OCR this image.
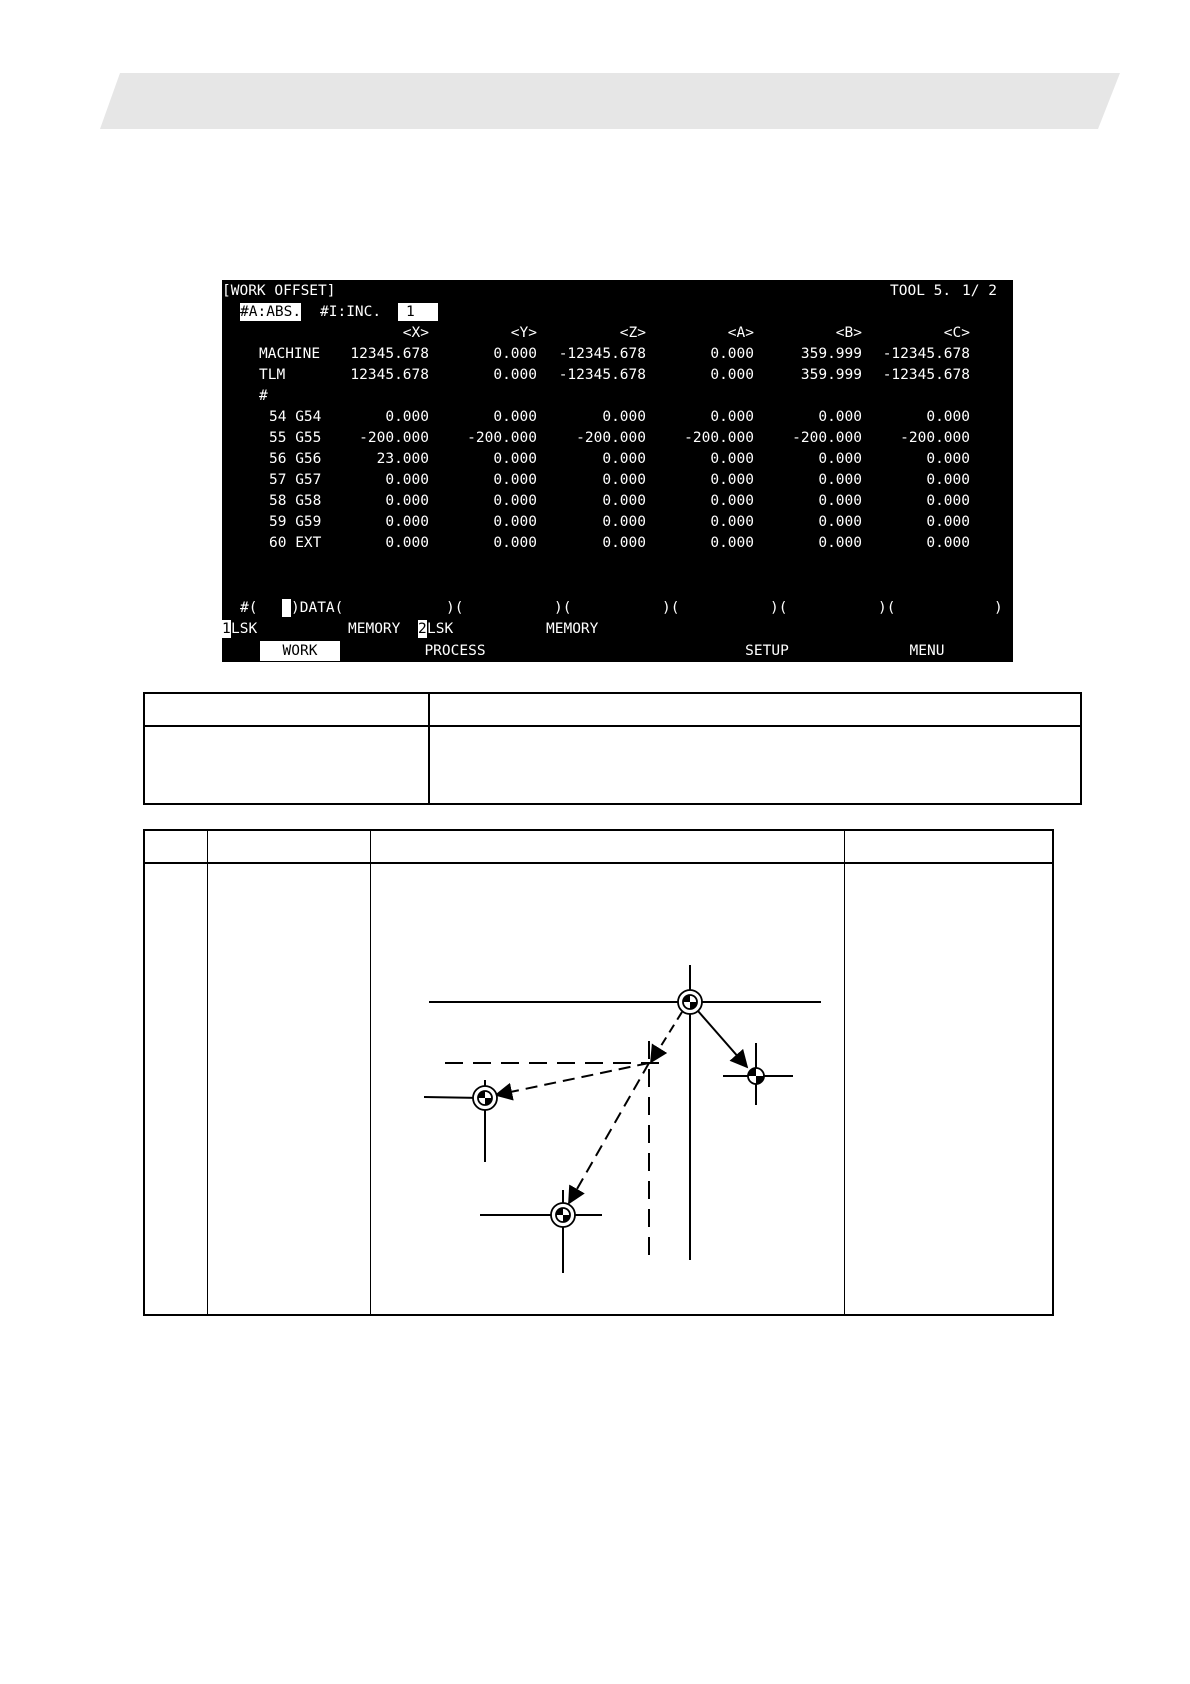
[WORK OFFSET]	TOOL 5. 1/ 2
#A:ABS. #I:INC.	1
<X>	<Y>	<Z>	<A>	<B>	<C>
MACHINE	12345.678	0.000	-12345.678	0.000	359.999	-12345.678
TLM	12345.678	0.000	-12345.678	0.000	359.999	-12345.678
#
54 G54	0.000	0.000	0.000	0.000	0.000	0.000
55 G55	-200.000	-200.000	-200.000	-200.000	-200.000	-200.000
56 G56	23.000	0.000	0.000	0.000	0.000	0.000
57 G57	0.000	0.000	0.000	0.000	0.000	0.000
58 G58	0.000	0.000	0.000	0.000	0.000	0.000
59 G59	0.000	0.000	0.000	0.000	0.000	0.000
60 EXT	0.000	0.000	0.000	0.000	0.000	0.000
#( )DATA(	)(	)(	)(	)(	)(	)
1 LSK	MEMORY 2 LSK	MEMORY
WORK	PROCESS	SETUP	MENU
